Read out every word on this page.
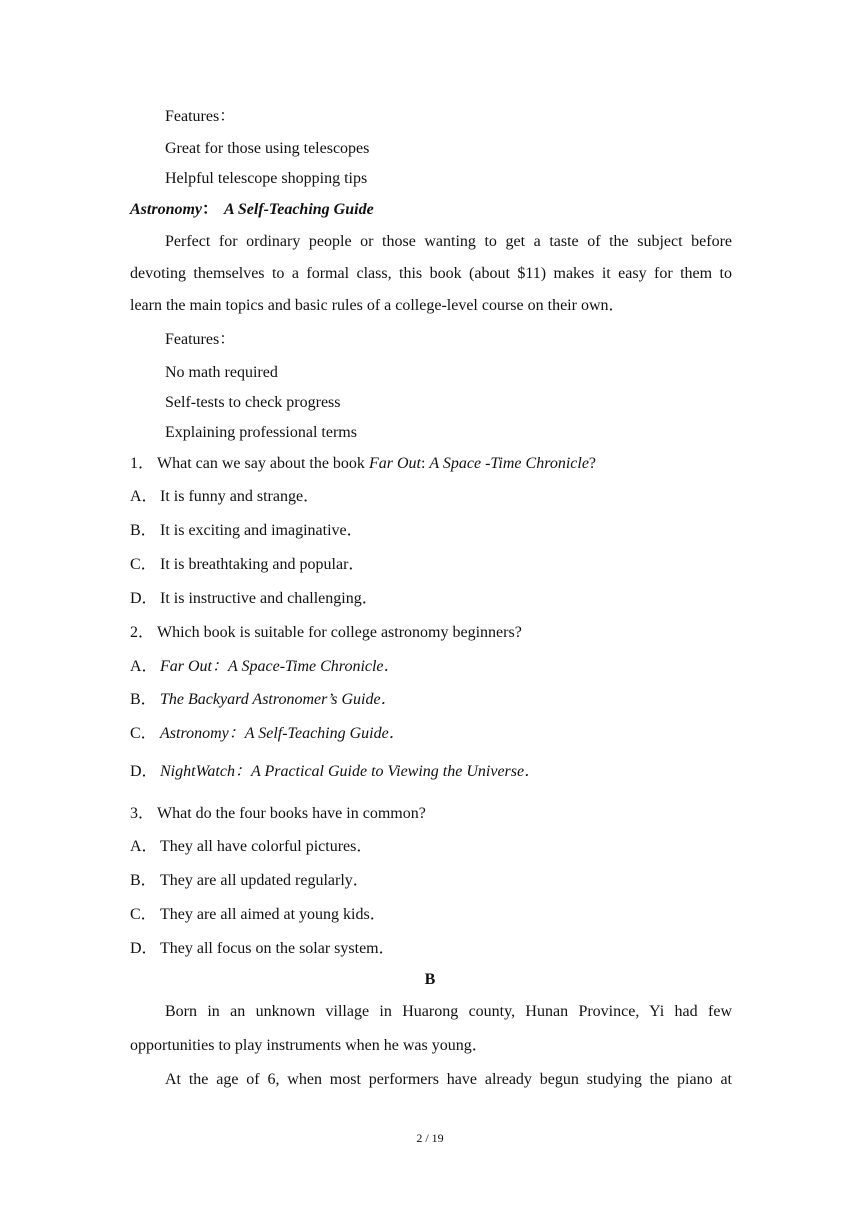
Features：
Great for those using telescopes
Helpful telescope shopping tips
Astronomy： A Self-Teaching Guide
Perfect for ordinary people or those wanting to get a taste of the subject before
devoting themselves to a formal class, this book (about $11) makes it easy for them to
learn the main topics and basic rules of a college-level course on their own．
Features：
No math required
Self-tests to check progress
Explaining professional terms
1． What can we say about the book Far Out: A Space -Time Chronicle?
A． It is funny and strange．
B． It is exciting and imaginative．
C． It is breathtaking and popular．
D． It is instructive and challenging．
2． Which book is suitable for college astronomy beginners?
A． Far Out：A Space-Time Chronicle．
B． The Backyard Astronomer’s Guide．
C． Astronomy：A Self-Teaching Guide．
D． NightWatch：A Practical Guide to Viewing the Universe．
3． What do the four books have in common?
A． They all have colorful pictures．
B． They are all updated regularly．
C． They are all aimed at young kids．
D． They all focus on the solar system．
B
Born in an unknown village in Huarong county, Hunan Province, Yi had few
opportunities to play instruments when he was young．
At the age of 6, when most performers have already begun studying the piano at
2 / 19
